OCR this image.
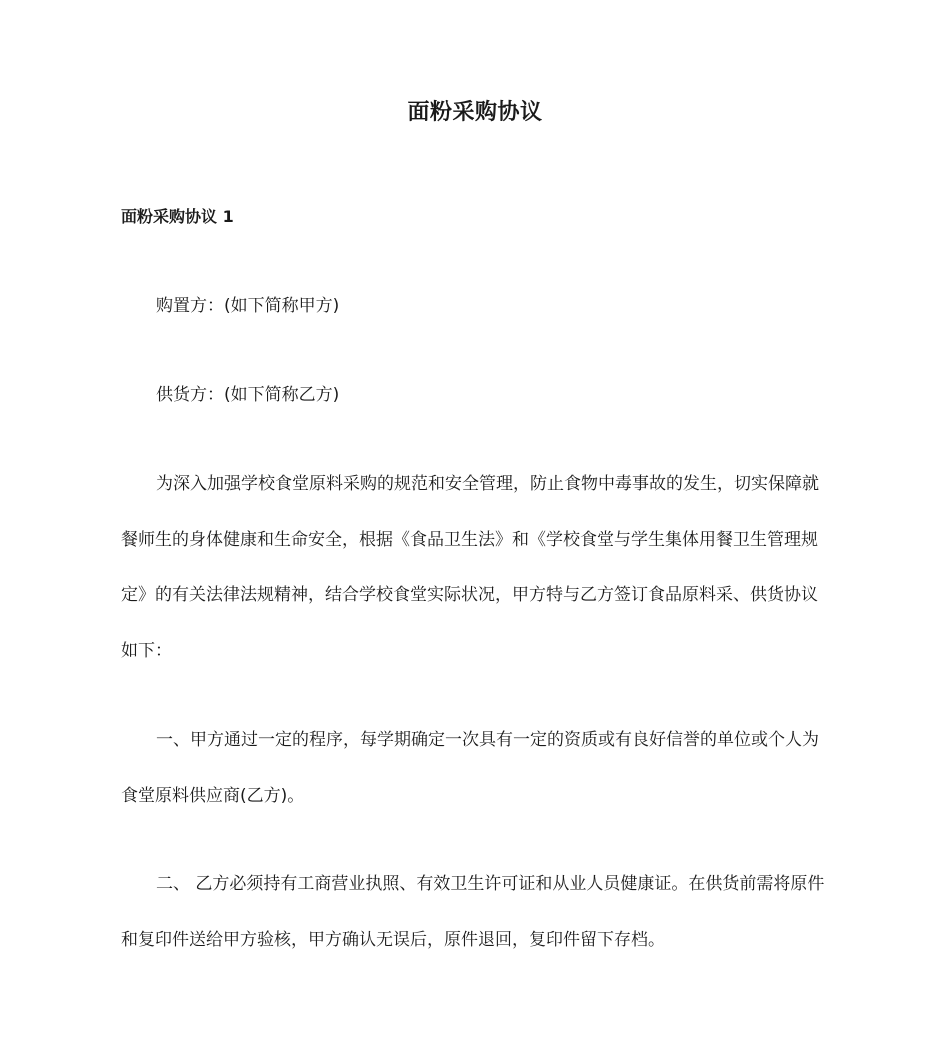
面粉采购协议
面粉采购协议 1

购置方：(如下简称甲方)

供货方：(如下简称乙方)

为深入加强学校食堂原料采购的规范和安全管理，防止食物中毒事故的发生，切实保障就餐师生的身体健康和生命安全，根据《食品卫生法》和《学校食堂与学生集体用餐卫生管理规定》的有关法律法规精神，结合学校食堂实际状况，甲方特与乙方签订食品原料采、供货协议如下：

一、甲方通过一定的程序，每学期确定一次具有一定的资质或有良好信誉的单位或个人为食堂原料供应商(乙方)。

二、 乙方必须持有工商营业执照、有效卫生许可证和从业人员健康证。在供货前需将原件和复印件送给甲方验核，甲方确认无误后，原件退回，复印件留下存档。
